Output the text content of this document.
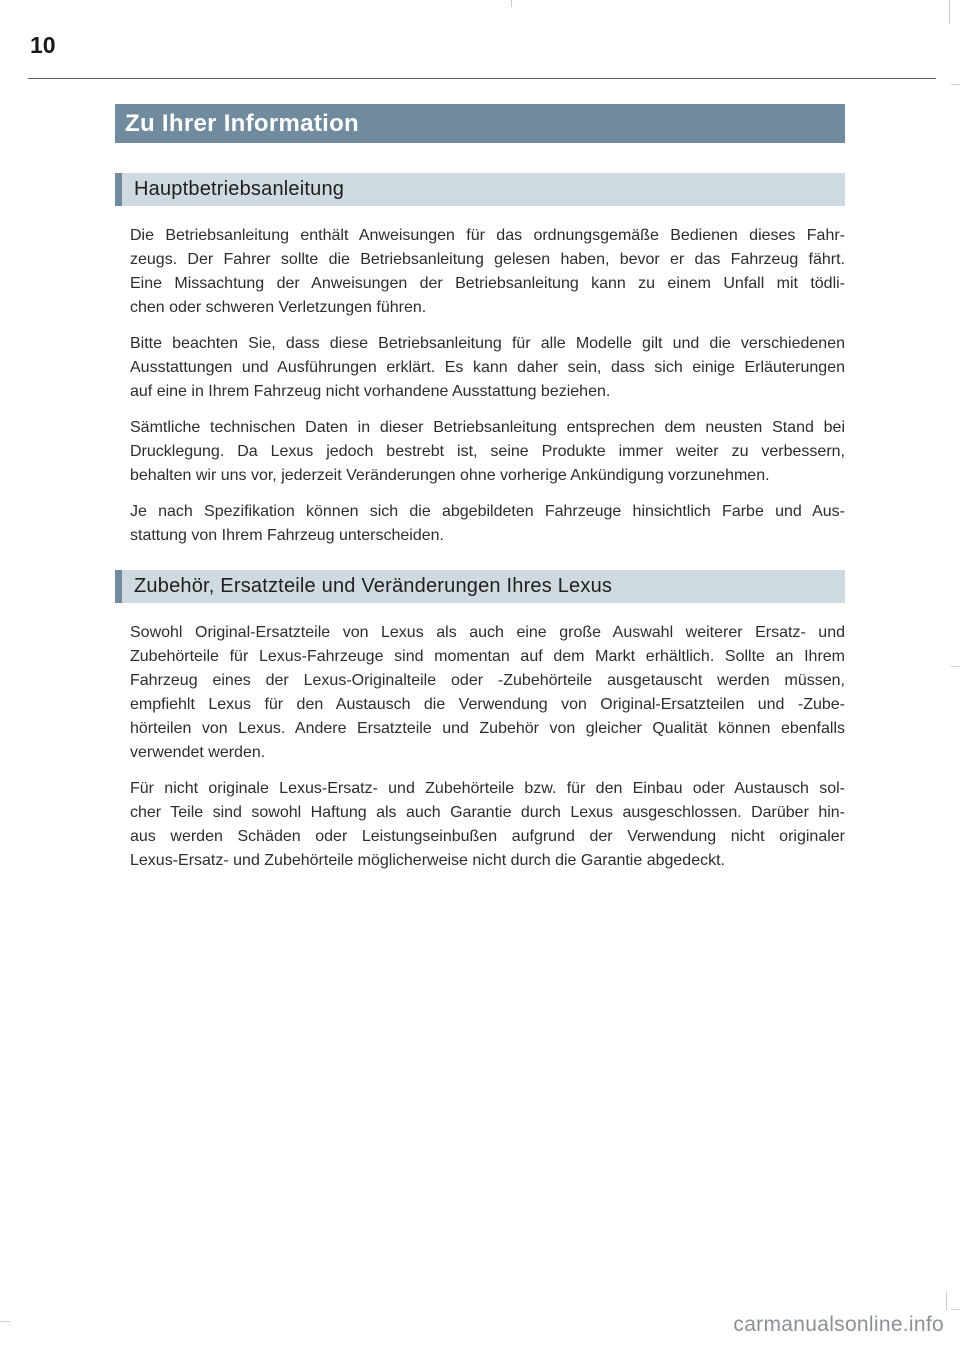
10
Zu Ihrer Information
Hauptbetriebsanleitung
Die Betriebsanleitung enthält Anweisungen für das ordnungsgemäße Bedienen dieses Fahr-
zeugs. Der Fahrer sollte die Betriebsanleitung gelesen haben, bevor er das Fahrzeug fährt.
Eine Missachtung der Anweisungen der Betriebsanleitung kann zu einem Unfall mit tödli-
chen oder schweren Verletzungen führen.
Bitte beachten Sie, dass diese Betriebsanleitung für alle Modelle gilt und die verschiedenen
Ausstattungen und Ausführungen erklärt. Es kann daher sein, dass sich einige Erläuterungen
auf eine in Ihrem Fahrzeug nicht vorhandene Ausstattung beziehen.
Sämtliche technischen Daten in dieser Betriebsanleitung entsprechen dem neusten Stand bei
Drucklegung. Da Lexus jedoch bestrebt ist, seine Produkte immer weiter zu verbessern,
behalten wir uns vor, jederzeit Veränderungen ohne vorherige Ankündigung vorzunehmen.
Je nach Spezifikation können sich die abgebildeten Fahrzeuge hinsichtlich Farbe und Aus-
stattung von Ihrem Fahrzeug unterscheiden.
Zubehör, Ersatzteile und Veränderungen Ihres Lexus
Sowohl Original-Ersatzteile von Lexus als auch eine große Auswahl weiterer Ersatz- und
Zubehörteile für Lexus-Fahrzeuge sind momentan auf dem Markt erhältlich. Sollte an Ihrem
Fahrzeug eines der Lexus-Originalteile oder -Zubehörteile ausgetauscht werden müssen,
empfiehlt Lexus für den Austausch die Verwendung von Original-Ersatzteilen und -Zube-
hörteilen von Lexus. Andere Ersatzteile und Zubehör von gleicher Qualität können ebenfalls
verwendet werden.
Für nicht originale Lexus-Ersatz- und Zubehörteile bzw. für den Einbau oder Austausch sol-
cher Teile sind sowohl Haftung als auch Garantie durch Lexus ausgeschlossen. Darüber hin-
aus werden Schäden oder Leistungseinbußen aufgrund der Verwendung nicht originaler
Lexus-Ersatz- und Zubehörteile möglicherweise nicht durch die Garantie abgedeckt.
carmanualsonline.info
